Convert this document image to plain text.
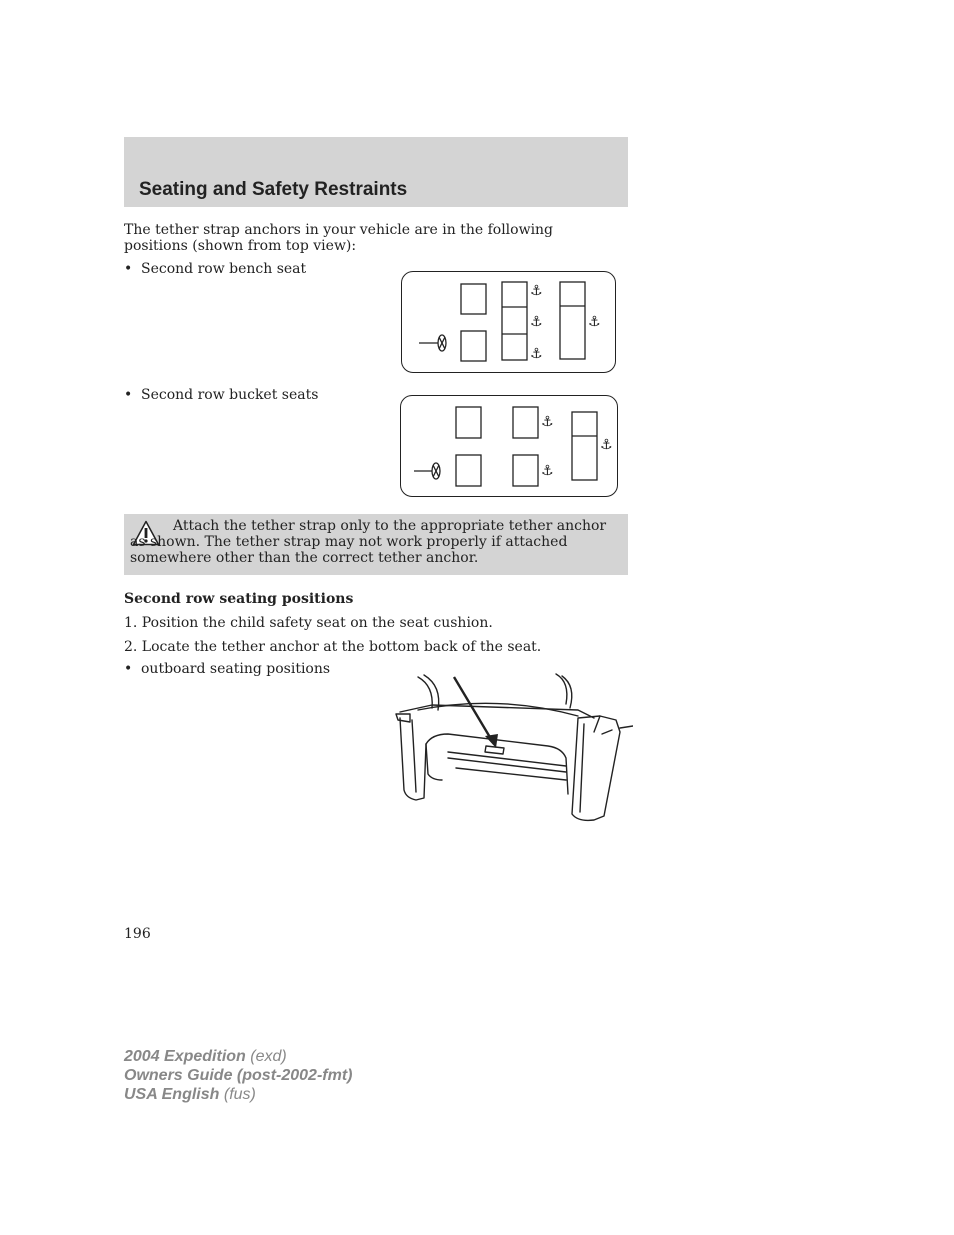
Seating and Safety Restraints
The tether strap anchors in your vehicle are in the following positions (shown from top view):
• Second row bench seat
⚓
⚓
⚓
⚓
• Second row bucket seats
⚓
⚓
⚓
Attach the tether strap only to the appropriate tether anchor as shown. The tether strap may not work properly if attached somewhere other than the correct tether anchor.
Second row seating positions
1. Position the child safety seat on the seat cushion.
2. Locate the tether anchor at the bottom back of the seat.
• outboard seating positions
196
2004 Expedition (exd)
Owners Guide (post-2002-fmt)
USA English (fus)
